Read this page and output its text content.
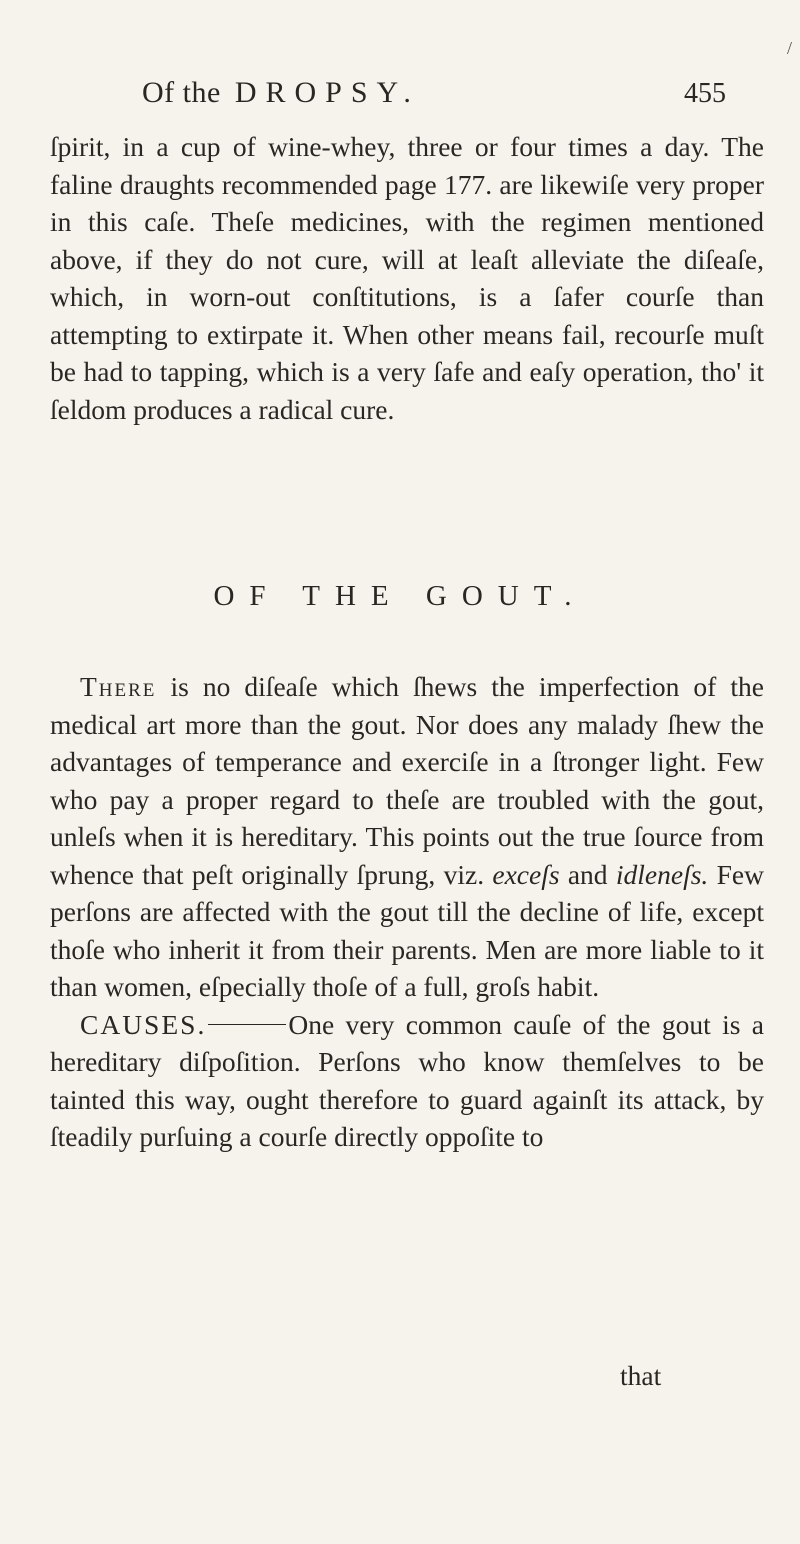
Of the DROPSY.	455
/

ſpirit, in a cup of wine-whey, three or four times a day. The faline draughts recommended page 177. are likewiſe very proper in this caſe. Theſe medicines, with the regimen mentioned above, if they do not cure, will at leaſt alleviate the diſeaſe, which, in worn-out conſtitutions, is a ſafer courſe than attempting to extirpate it. When other means fail, recourſe muſt be had to tapping, which is a very ſafe and eaſy operation, tho' it ſeldom produces a radical cure.

OF THE GOUT.

There is no diſeaſe which ſhews the imperfection of the medical art more than the gout. Nor does any malady ſhew the advantages of temperance and exerciſe in a ſtronger light. Few who pay a proper regard to theſe are troubled with the gout, unleſs when it is hereditary. This points out the true ſource from whence that peſt originally ſprung, viz. exceſs and idleneſs. Few perſons are affected with the gout till the decline of life, except thoſe who inherit it from their parents. Men are more liable to it than women, eſpecially thoſe of a full, groſs habit.

CAUSES.	One very common cauſe of the gout is a hereditary diſpoſition. Perſons who know themſelves to be tainted this way, ought therefore to guard againſt its attack, by ſteadily purſuing a courſe directly oppoſite to

that
